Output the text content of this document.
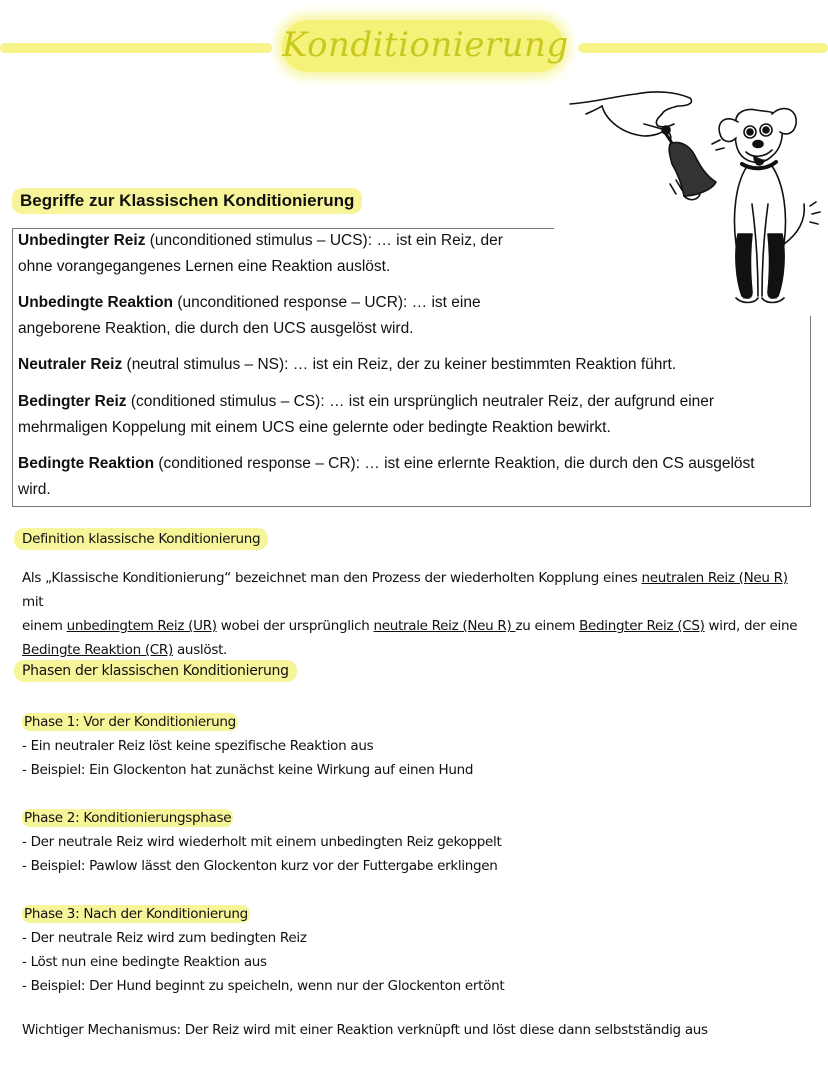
Konditionierung
Begriffe zur Klassischen Konditionierung
Unbedingter Reiz (unconditioned stimulus – UCS): … ist ein Reiz, der
ohne vorangegangenes Lernen eine Reaktion auslöst.
Unbedingte Reaktion (unconditioned response – UCR): … ist eine
angeborene Reaktion, die durch den UCS ausgelöst wird.
Neutraler Reiz (neutral stimulus – NS): … ist ein Reiz, der zu keiner bestimmten Reaktion führt.
Bedingter Reiz (conditioned stimulus – CS): … ist ein ursprünglich neutraler Reiz, der aufgrund einer
mehrmaligen Koppelung mit einem UCS eine gelernte oder bedingte Reaktion bewirkt.
Bedingte Reaktion (conditioned response – CR): … ist eine erlernte Reaktion, die durch den CS ausgelöst
wird.
Definition klassische Konditionierung
Als „Klassische Konditionierung“ bezeichnet man den Prozess der wiederholten Kopplung eines neutralen Reiz (Neu R) mit
einem unbedingtem Reiz (UR) wobei der ursprünglich neutrale Reiz (Neu R) zu einem Bedingter Reiz (CS) wird, der eine
Bedingte Reaktion (CR) auslöst.
Phasen der klassischen Konditionierung
Phase 1: Vor der Konditionierung
- Ein neutraler Reiz löst keine spezifische Reaktion aus
- Beispiel: Ein Glockenton hat zunächst keine Wirkung auf einen Hund
Phase 2: Konditionierungsphase
- Der neutrale Reiz wird wiederholt mit einem unbedingten Reiz gekoppelt
- Beispiel: Pawlow lässt den Glockenton kurz vor der Futtergabe erklingen
Phase 3: Nach der Konditionierung
- Der neutrale Reiz wird zum bedingten Reiz
- Löst nun eine bedingte Reaktion aus
- Beispiel: Der Hund beginnt zu speicheln, wenn nur der Glockenton ertönt
Wichtiger Mechanismus: Der Reiz wird mit einer Reaktion verknüpft und löst diese dann selbstständig aus
